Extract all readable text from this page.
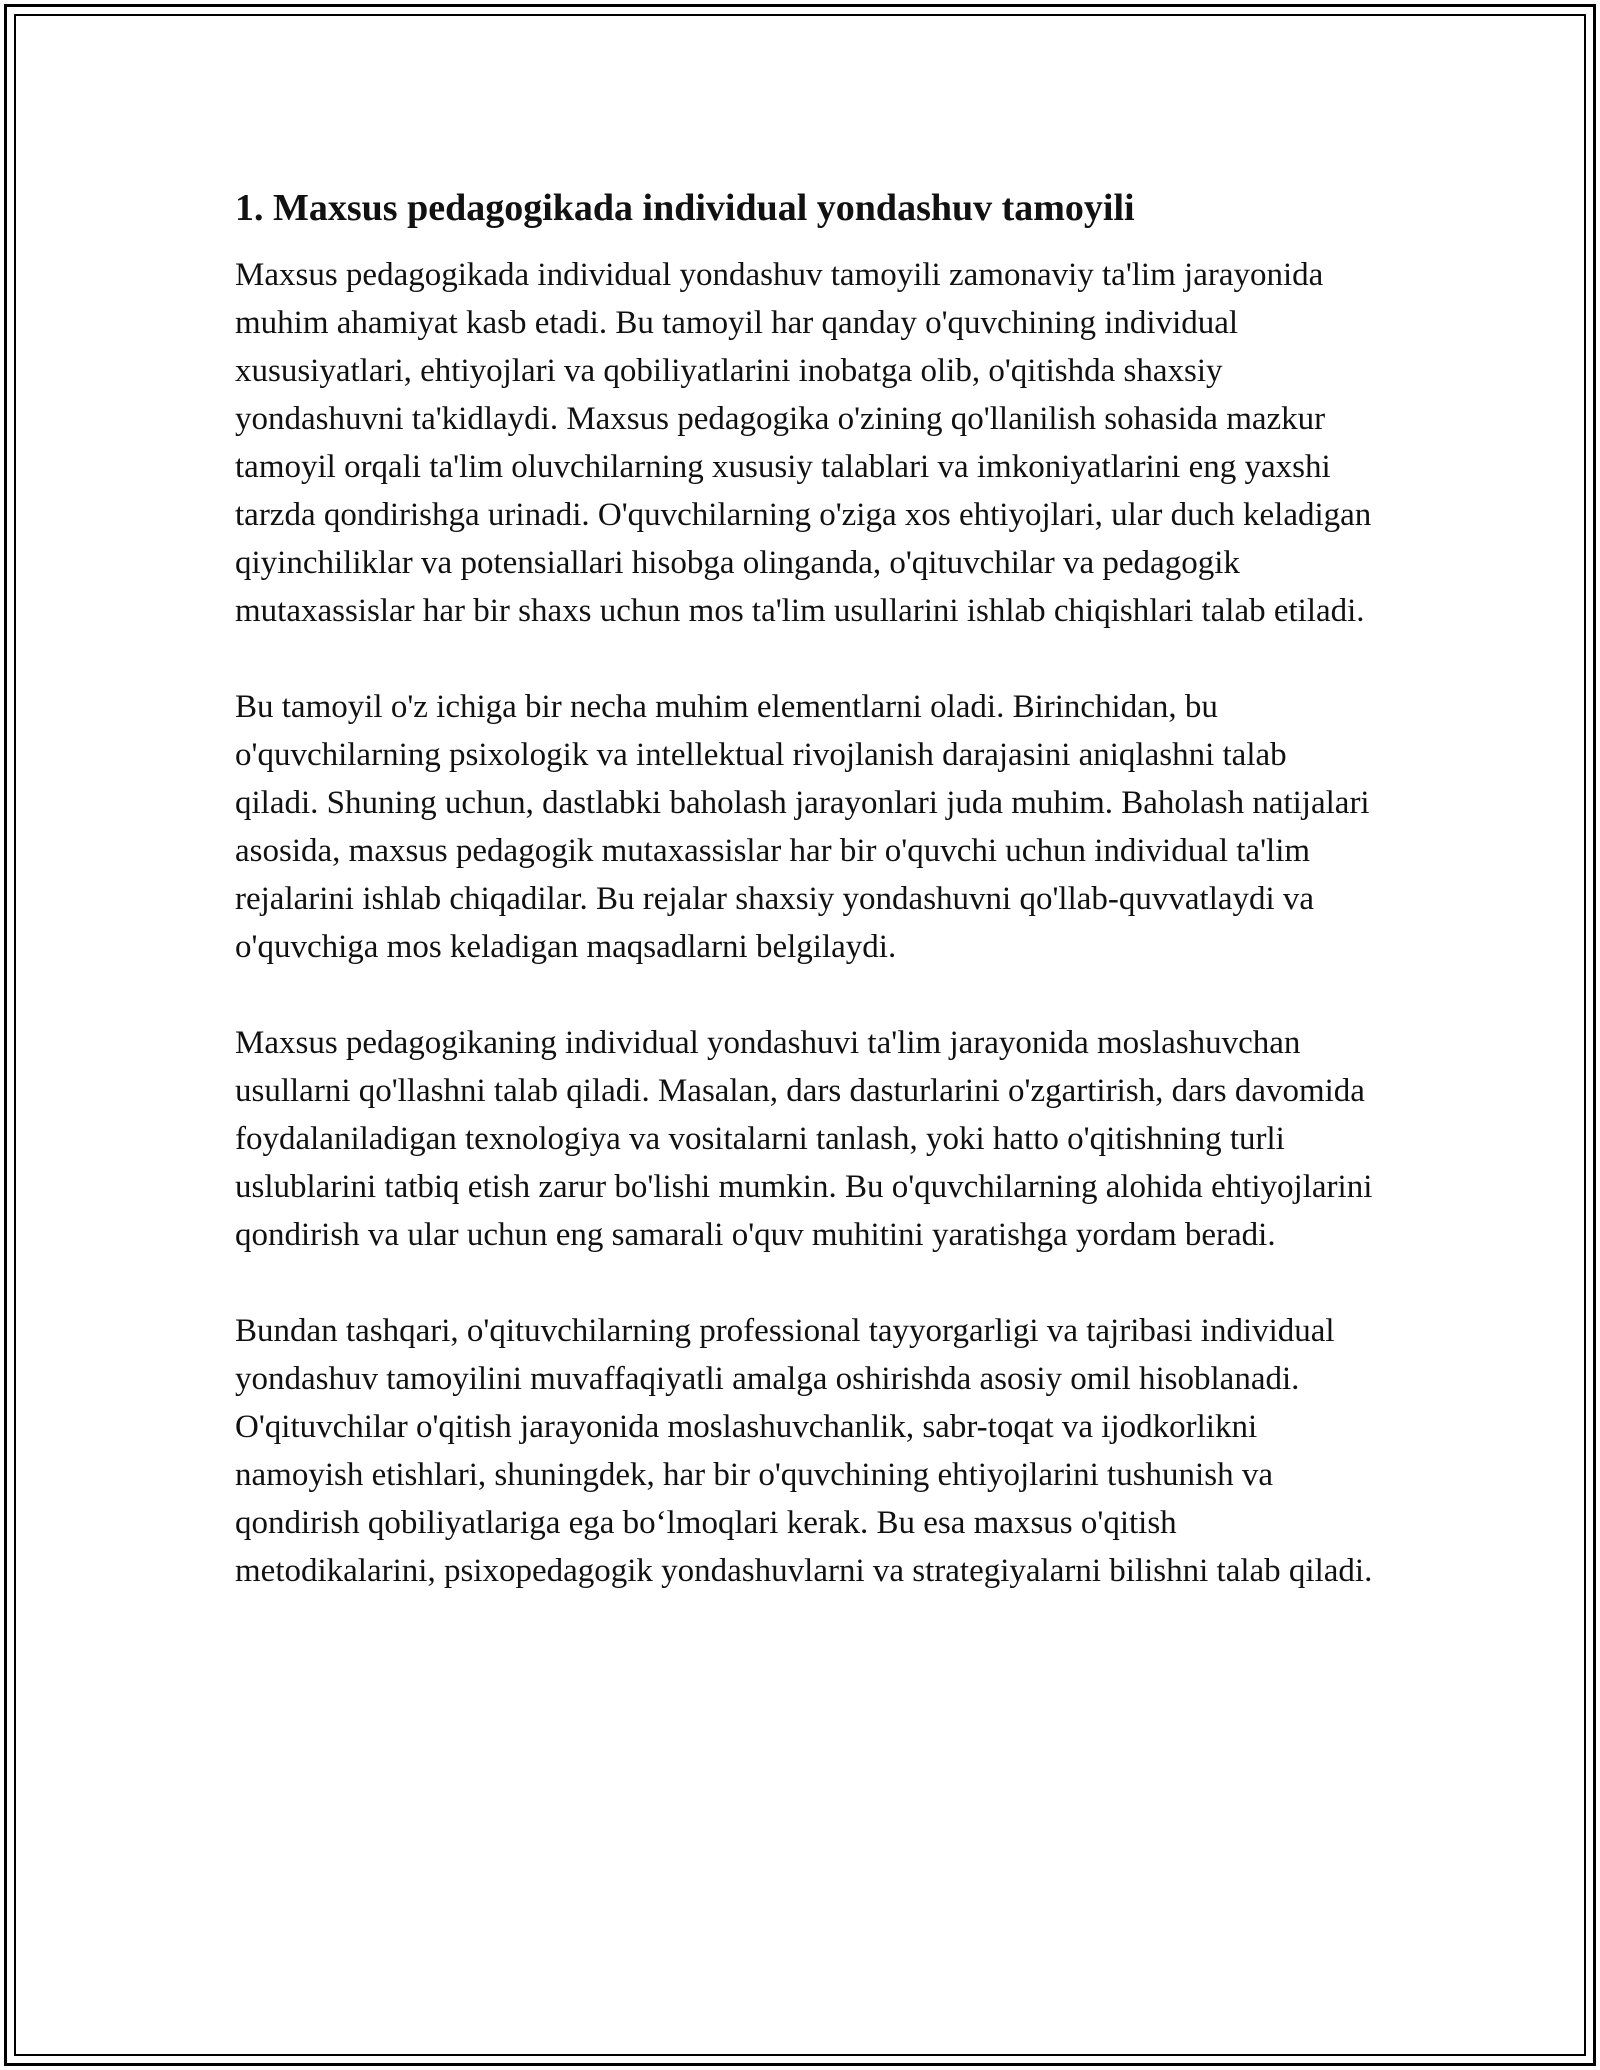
1. Maxsus pedagogikada individual yondashuv tamoyili

Maxsus pedagogikada individual yondashuv tamoyili zamonaviy ta'lim jarayonida muhim ahamiyat kasb etadi. Bu tamoyil har qanday o'quvchining individual xususiyatlari, ehtiyojlari va qobiliyatlarini inobatga olib, o'qitishda shaxsiy yondashuvni ta'kidlaydi. Maxsus pedagogika o'zining qo'llanilish sohasida mazkur tamoyil orqali ta'lim oluvchilarning xususiy talablari va imkoniyatlarini eng yaxshi tarzda qondirishga urinadi. O'quvchilarning o'ziga xos ehtiyojlari, ular duch keladigan qiyinchiliklar va potensiallari hisobga olinganda, o'qituvchilar va pedagogik mutaxassislar har bir shaxs uchun mos ta'lim usullarini ishlab chiqishlari talab etiladi.

Bu tamoyil o'z ichiga bir necha muhim elementlarni oladi. Birinchidan, bu o'quvchilarning psixologik va intellektual rivojlanish darajasini aniqlashni talab qiladi. Shuning uchun, dastlabki baholash jarayonlari juda muhim. Baholash natijalari asosida, maxsus pedagogik mutaxassislar har bir o'quvchi uchun individual ta'lim rejalarini ishlab chiqadilar. Bu rejalar shaxsiy yondashuvni qo'llab-quvvatlaydi va o'quvchiga mos keladigan maqsadlarni belgilaydi.

Maxsus pedagogikaning individual yondashuvi ta'lim jarayonida moslashuvchan usullarni qo'llashni talab qiladi. Masalan, dars dasturlarini o'zgartirish, dars davomida foydalaniladigan texnologiya va vositalarni tanlash, yoki hatto o'qitishning turli uslublarini tatbiq etish zarur bo'lishi mumkin. Bu o'quvchilarning alohida ehtiyojlarini qondirish va ular uchun eng samarali o'quv muhitini yaratishga yordam beradi.

Bundan tashqari, o'qituvchilarning professional tayyorgarligi va tajribasi individual yondashuv tamoyilini muvaffaqiyatli amalga oshirishda asosiy omil hisoblanadi. O'qituvchilar o'qitish jarayonida moslashuvchanlik, sabr-toqat va ijodkorlikni namoyish etishlari, shuningdek, har bir o'quvchining ehtiyojlarini tushunish va qondirish qobiliyatlariga ega bo‘lmoqlari kerak. Bu esa maxsus o'qitish metodikalarini, psixopedagogik yondashuvlarni va strategiyalarni bilishni talab qiladi.
